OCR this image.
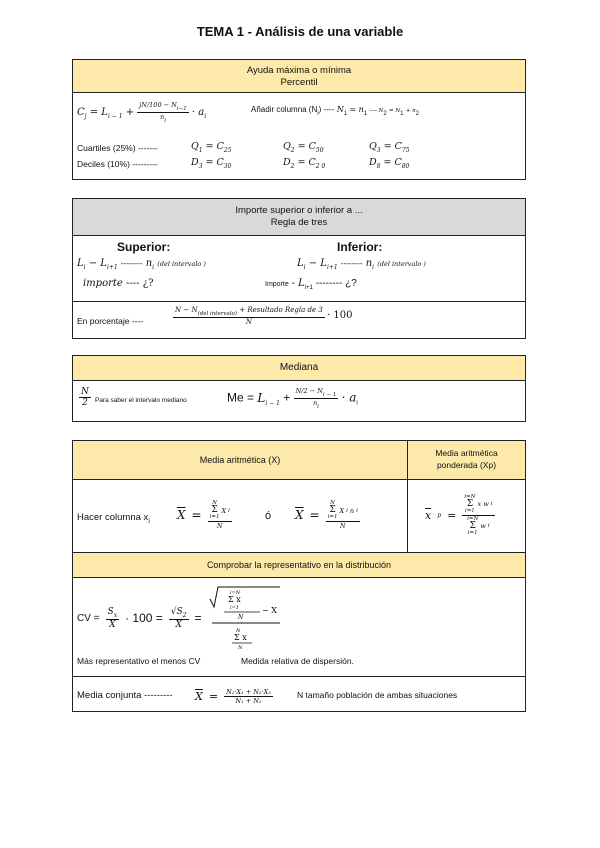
TEMA 1 - Análisis de una variable
Ayuda máxima o mínima
Percentil
$C_j = L_{i - 1} + \frac{jN/100 - N_{i-1}}{n_i} \cdot a_i$
Añadir columna $(N_i)$ ---- $N_1 = n_1$ ---- $N_2 = N_1 + n_2$
Cuartiles (25%) -------	$Q_1 = C_{25}$	$Q_2 = C_{50}$	$Q_3 = C_{75}$
Deciles (10%) ---------	$D_3 = C_{30}$	$D_2 = C_{2 0}$	$D_8 = C_{80}$
Importe superior o inferior a ...
Regla de tres
Superior:	Inferior:
$L_i - L_{i+1}$ -------- $n_i$ (del intervalo )
importe ---- ¿?
$L_i - L_{i+1}$ -------- $n_i$ (del intervalo )
Importe - $L_{i+1}$ -------- ¿?
En porcentaje ----	$\frac{N - N_{(del intervalo)} + Resultado Regla de 3}{N} \cdot 100$
Mediana
$\frac{N}{2}$ Para saber el intervalo mediano	$Me = L_{i - 1} + \frac{N/2 - N_{i - 1}}{n_i} \cdot a_i$
Media aritmética (X)
Media aritmética
ponderada (Xp)
Hacer columna $x_i$ $\overline{X} = N$
Σ
i=1
X i
N	ó $\overline{X} = N$
Σ
i=1
X i n i
N	$\overline{x}$ p = i=N
Σ
i=1
x w i
i=N
Σ
i=1
w i
Comprobar la representativo en la distribución
CV = $\frac{S_x}{X} \cdot 100 = \frac{√S_2}{X}$ =
i=N
Σ x
i=1
N
− X
N
Σ x
N
Más representativo el menos CV	Medida relativa de dispersión.
Media conjunta --------- $\overline{X} = \frac{\text{N₁·X₁ + N₂·X₂}}{\text{N₁ + N₂}}$	N tamaño población de ambas situaciones
